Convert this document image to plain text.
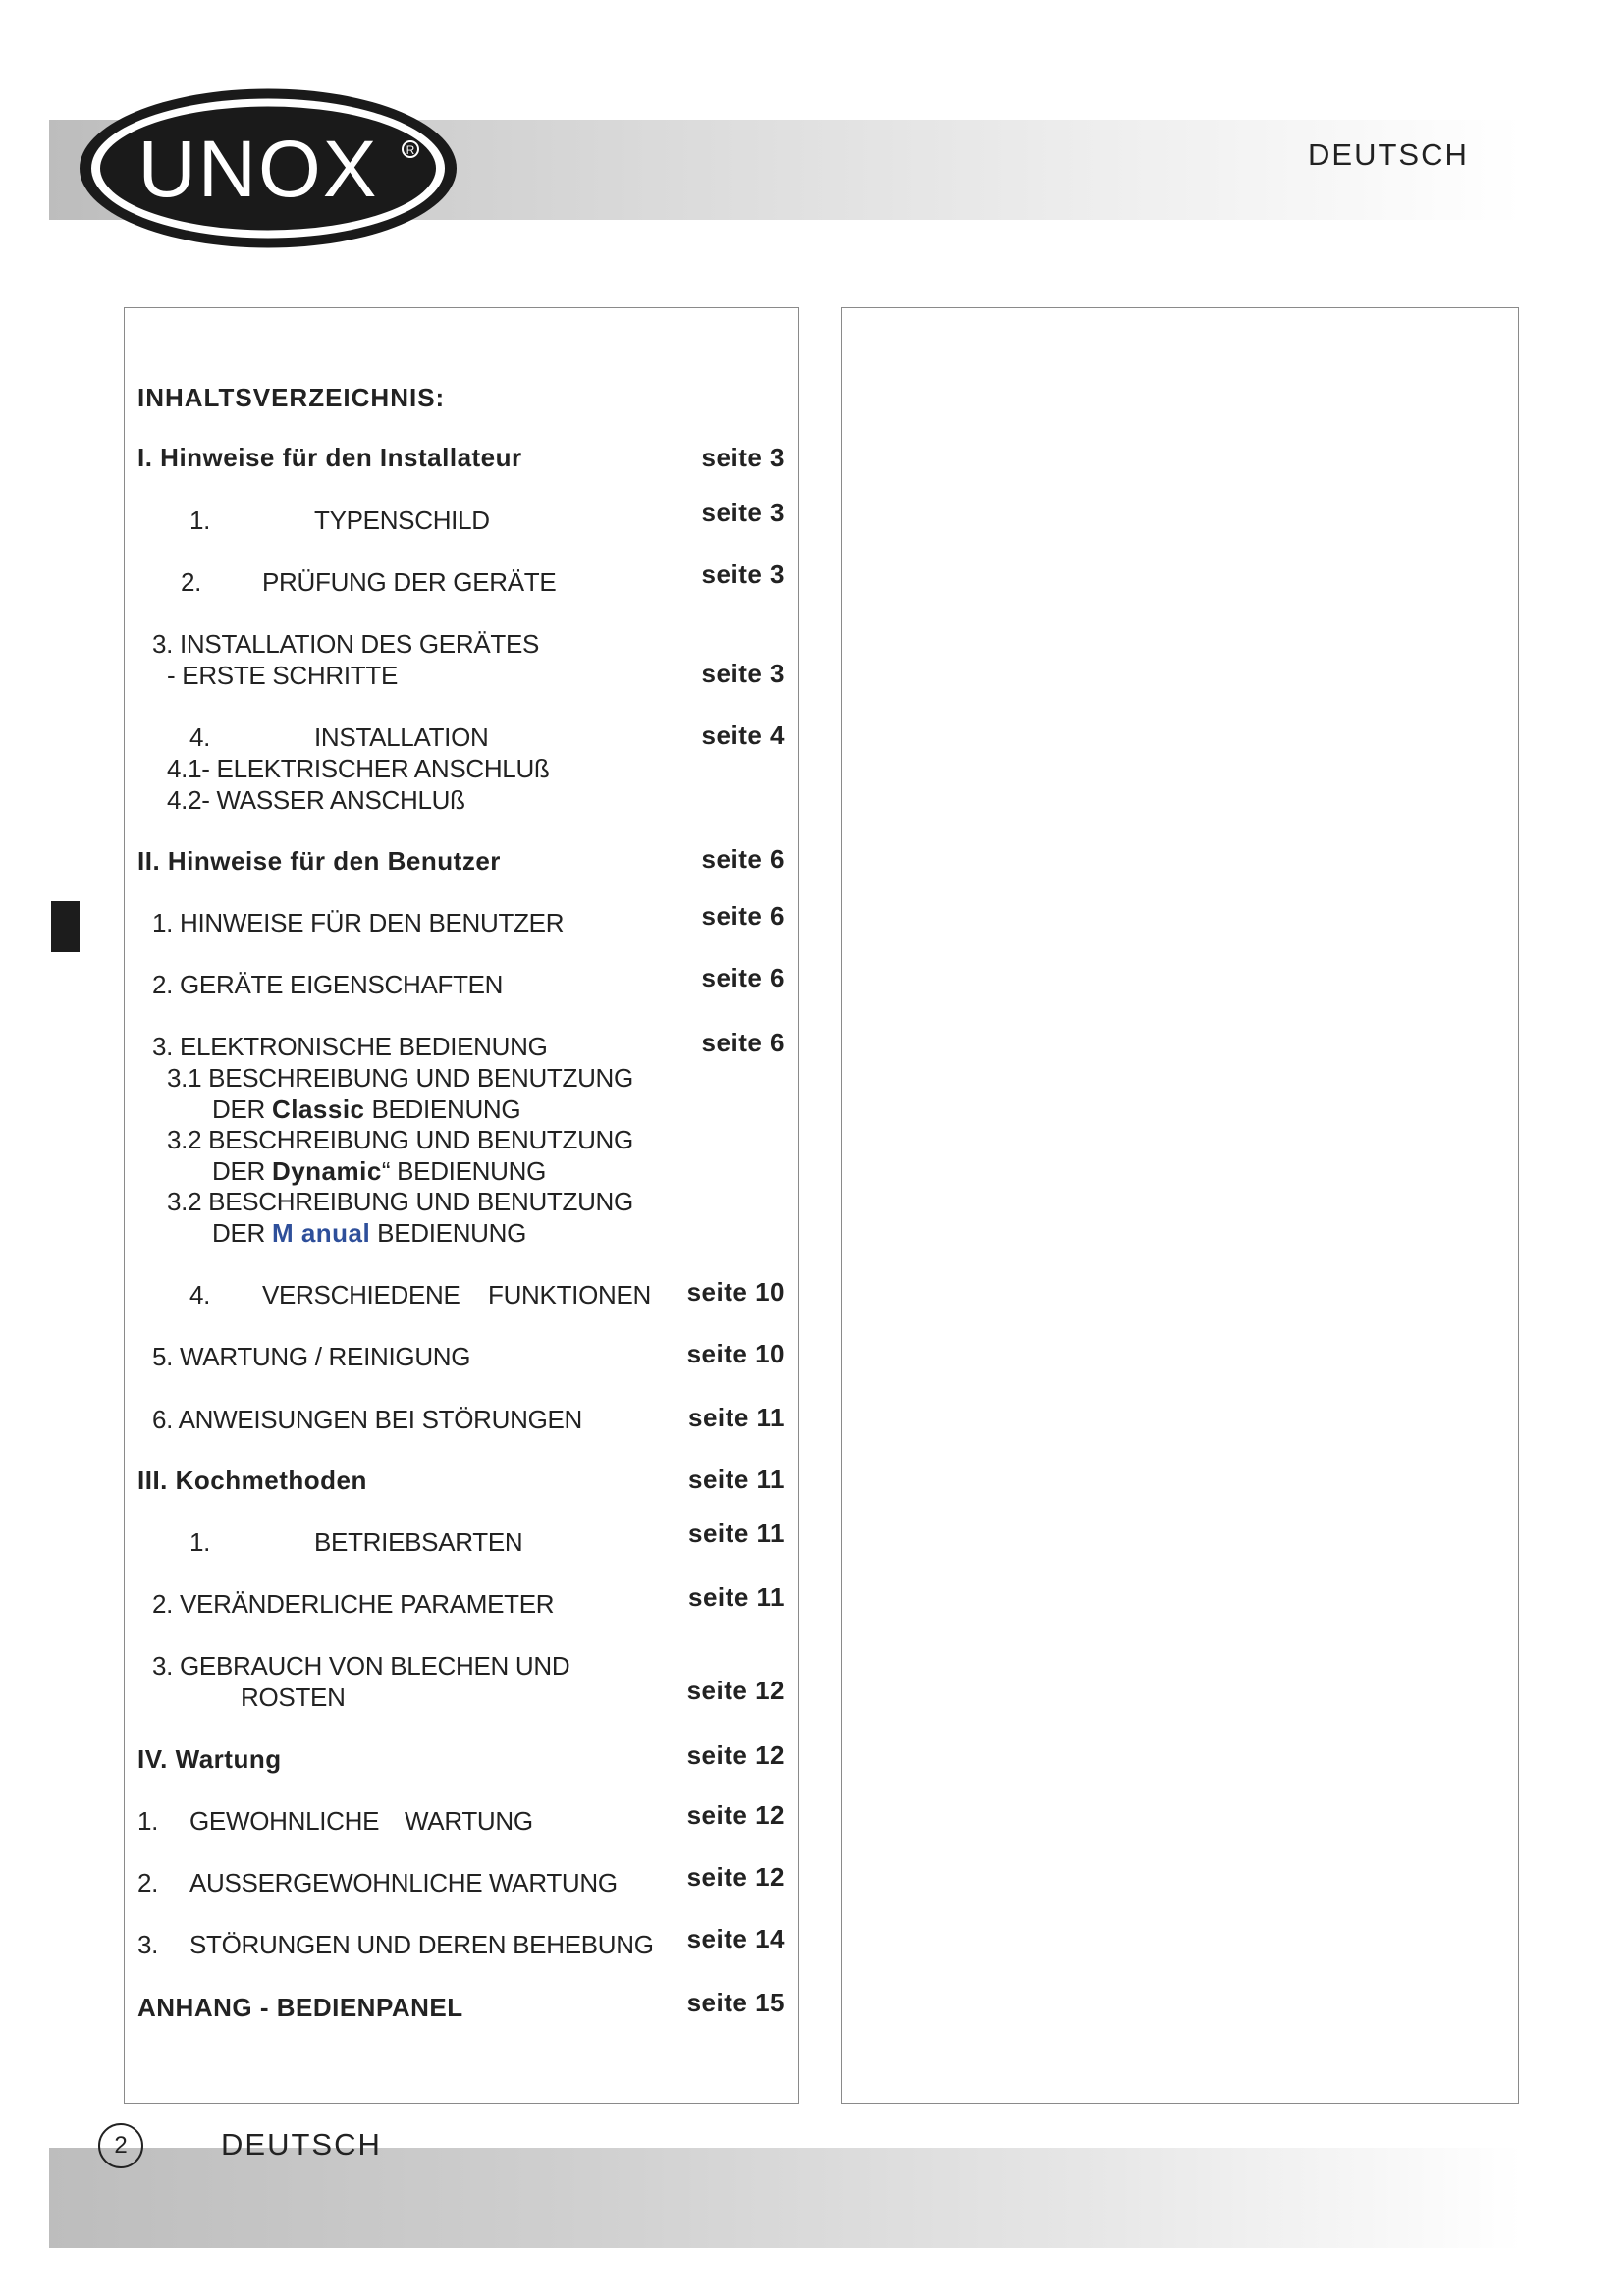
UNOX R	DEUTSCH
INHALTSVERZEICHNIS:
I. Hinweise für den Installateur	seite 3
1.	TYPENSCHILD	seite 3
2. PRÜFUNG DER GERÄTE	seite 3
3. INSTALLATION DES GERÄTES
- ERSTE SCHRITTE	seite 3
4.	INSTALLATION	seite 4
4.1- ELEKTRISCHER ANSCHLUß
4.2- WASSER ANSCHLUß
II. Hinweise für den Benutzer	seite 6
1. HINWEISE FÜR DEN BENUTZER	seite 6
2. GERÄTE EIGENSCHAFTEN	seite 6
3. ELEKTRONISCHE BEDIENUNG	seite 6
3.1 BESCHREIBUNG UND BENUTZUNG
DER Classic BEDIENUNG
3.2 BESCHREIBUNG UND BENUTZUNG
DER Dynamic“ BEDIENUNG
3.2 BESCHREIBUNG UND BENUTZUNG
DER M anual BEDIENUNG
4. VERSCHIEDENE FUNKTIONEN seite 10
5. WARTUNG / REINIGUNG	seite 10
6. ANWEISUNGEN BEI STÖRUNGEN	seite 11
III. Kochmethoden	seite 11
1.	BETRIEBSARTEN	seite 11
2. VERÄNDERLICHE PARAMETER	seite 11
3. GEBRAUCH VON BLECHEN UND
ROSTEN	seite 12
IV. Wartung	seite 12
1. GEWOHNLICHE WARTUNG	seite 12
2. AUSSERGEWOHNLICHE WARTUNG	seite 12
3. STÖRUNGEN UND DEREN BEHEBUNG seite 14
ANHANG - BEDIENPANEL	seite 15
2	DEUTSCH
